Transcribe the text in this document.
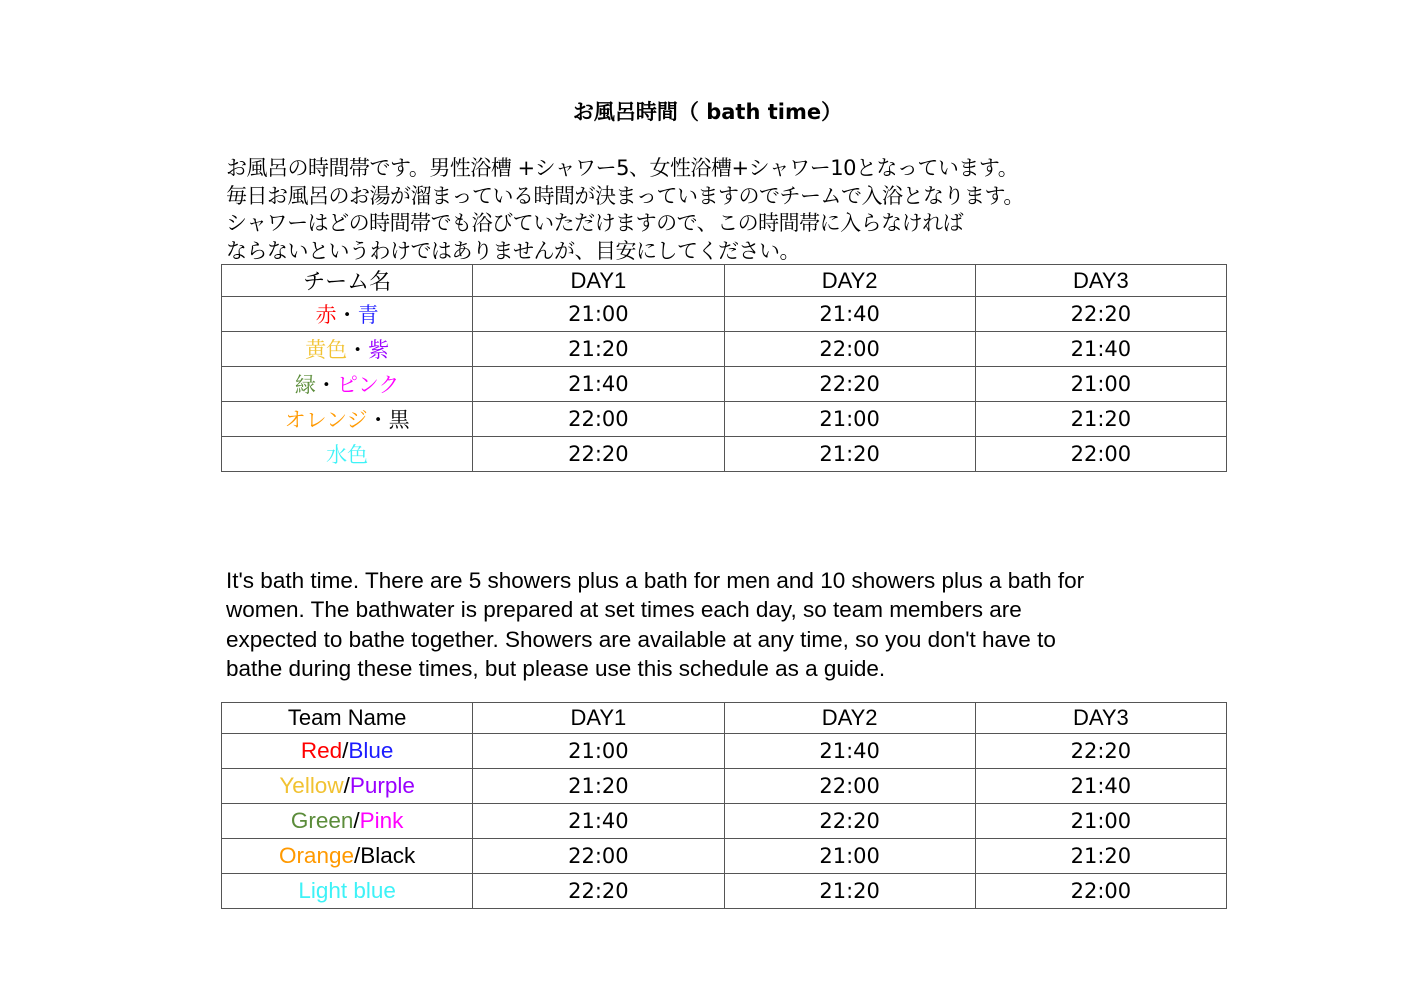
お風呂時間（ bath time）
お風呂の時間帯です。男性浴槽 +シャワー5、女性浴槽+シャワー10となっています。
毎日お風呂のお湯が溜まっている時間が決まっていますのでチームで入浴となります。
シャワーはどの時間帯でも浴びていただけますので、この時間帯に入らなければ
ならないというわけではありませんが、目安にしてください。
チーム名	DAY1	DAY2	DAY3
赤・青	21:00	21:40	22:20
黄色・紫	21:20	22:00	21:40
緑・ピンク	21:40	22:20	21:00
オレンジ・黒	22:00	21:00	21:20
水色	22:20	21:20	22:00
It's bath time. There are 5 showers plus a bath for men and 10 showers plus a bath for
women. The bathwater is prepared at set times each day, so team members are
expected to bathe together. Showers are available at any time, so you don't have to
bathe during these times, but please use this schedule as a guide.
Team Name	DAY1	DAY2	DAY3
Red/Blue	21:00	21:40	22:20
Yellow/Purple	21:20	22:00	21:40
Green/Pink	21:40	22:20	21:00
Orange/Black	22:00	21:00	21:20
Light blue	22:20	21:20	22:00
